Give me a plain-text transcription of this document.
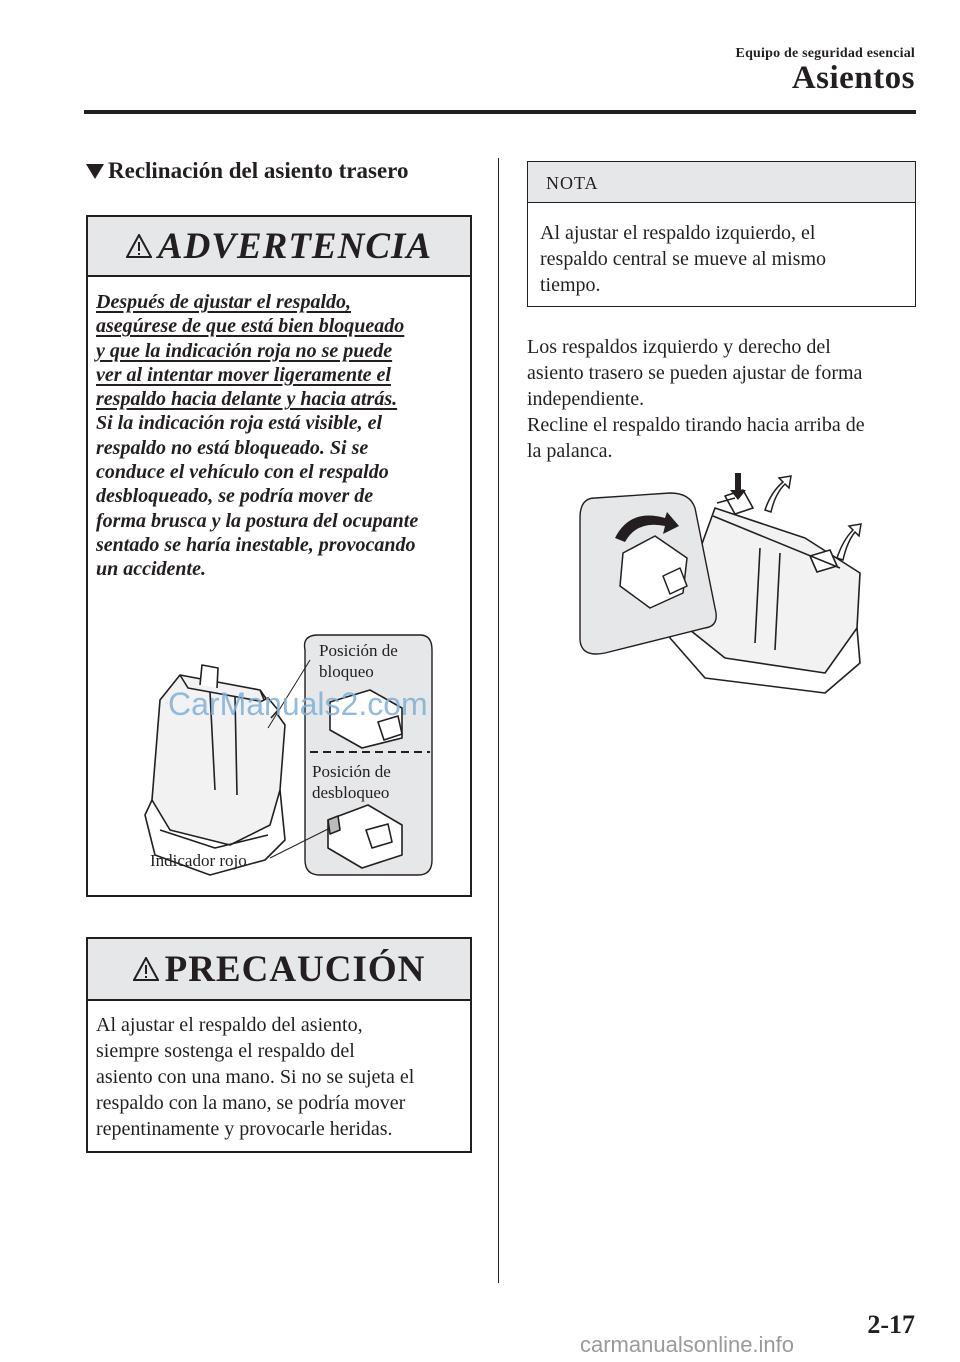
Equipo de seguridad esencial
Asientos
Reclinación del asiento trasero
ADVERTENCIA
Después de ajustar el respaldo,
asegúrese de que está bien bloqueado
y que la indicación roja no se puede
ver al intentar mover ligeramente el
respaldo hacia delante y hacia atrás.
Si la indicación roja está visible, el
respaldo no está bloqueado. Si se
conduce el vehículo con el respaldo
desbloqueado, se podría mover de
forma brusca y la postura del ocupante
sentado se haría inestable, provocando
un accidente.
Posición de
bloqueo
Posición de
desbloqueo
Indicador rojo
CarManuals2.com
PRECAUCIÓN
Al ajustar el respaldo del asiento,
siempre sostenga el respaldo del
asiento con una mano. Si no se sujeta el
respaldo con la mano, se podría mover
repentinamente y provocarle heridas.
NOTA
Al ajustar el respaldo izquierdo, el
respaldo central se mueve al mismo
tiempo.
Los respaldos izquierdo y derecho del
asiento trasero se pueden ajustar de forma
independiente.
Recline el respaldo tirando hacia arriba de
la palanca.
2-17
carmanualsonline.info
